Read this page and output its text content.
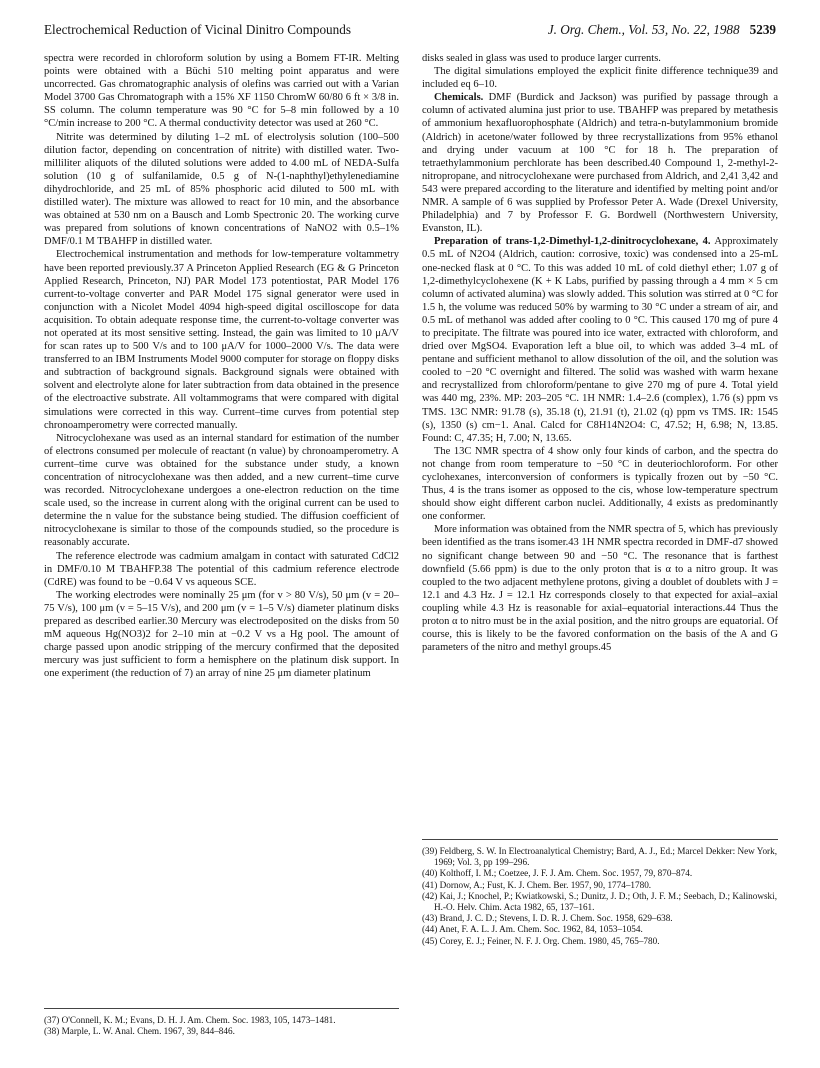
Electrochemical Reduction of Vicinal Dinitro Compounds	J. Org. Chem., Vol. 53, No. 22, 1988 5239

spectra were recorded in chloroform solution by using a Bomem FT-IR. Melting points were obtained with a Büchi 510 melting point apparatus and were uncorrected. Gas chromatographic analysis of olefins was carried out with a Varian Model 3700 Gas Chromatograph with a 15% XF 1150 ChromW 60/80 6 ft × 3/8 in. SS column. The column temperature was 90 °C for 5–8 min followed by a 10 °C/min increase to 200 °C. A thermal conductivity detector was used at 260 °C.

Nitrite was determined by diluting 1–2 mL of electrolysis solution (100–500 dilution factor, depending on concentration of nitrite) with distilled water. Two-milliliter aliquots of the diluted solutions were added to 4.00 mL of NEDA-Sulfa solution (10 g of sulfanilamide, 0.5 g of N-(1-naphthyl)ethylenediamine dihydrochloride, and 25 mL of 85% phosphoric acid diluted to 500 mL with distilled water). The mixture was allowed to react for 10 min, and the absorbance was obtained at 530 nm on a Bausch and Lomb Spectronic 20. The working curve was prepared from solutions of known concentrations of NaNO2 with 0.5–1% DMF/0.1 M TBAHFP in distilled water.

Electrochemical instrumentation and methods for low-temperature voltammetry have been reported previously.37 A Princeton Applied Research (EG & G Princeton Applied Research, Princeton, NJ) PAR Model 173 potentiostat, PAR Model 176 current-to-voltage converter and PAR Model 175 signal generator were used in conjunction with a Nicolet Model 4094 high-speed digital oscilloscope for data acquisition. To obtain adequate response time, the current-to-voltage converter was not operated at its most sensitive setting. Instead, the gain was limited to 10 μA/V for scan rates up to 500 V/s and to 100 μA/V for 1000–2000 V/s. The data were transferred to an IBM Instruments Model 9000 computer for storage on floppy disks and subtraction of background signals. Background signals were obtained with solvent and electrolyte alone for later subtraction from data obtained in the presence of the electroactive substrate. All voltammograms that were compared with digital simulations were corrected in this way. Current–time curves from potential step chronoamperometry were corrected manually.

Nitrocyclohexane was used as an internal standard for estimation of the number of electrons consumed per molecule of reactant (n value) by chronoamperometry. A current–time curve was obtained for the substance under study, a known concentration of nitrocyclohexane was then added, and a new current–time curve was recorded. Nitrocyclohexane undergoes a one-electron reduction on the time scale used, so the increase in current along with the original current can be used to determine the n value for the substance being studied. The diffusion coefficient of nitrocyclohexane is similar to those of the compounds studied, so the procedure is reasonably accurate.

The reference electrode was cadmium amalgam in contact with saturated CdCl2 in DMF/0.10 M TBAHFP.38 The potential of this cadmium reference electrode (CdRE) was found to be −0.64 V vs aqueous SCE.

The working electrodes were nominally 25 μm (for v > 80 V/s), 50 μm (v = 20–75 V/s), 100 μm (v = 5–15 V/s), and 200 μm (v = 1–5 V/s) diameter platinum disks prepared as described earlier.30 Mercury was electrodeposited on the disks from 50 mM aqueous Hg(NO3)2 for 2–10 min at −0.2 V vs a Hg pool. The amount of charge passed upon anodic stripping of the mercury confirmed that the deposited mercury was just sufficient to form a hemisphere on the platinum disk support. In one experiment (the reduction of 7) an array of nine 25 μm diameter platinum

(37) O'Connell, K. M.; Evans, D. H. J. Am. Chem. Soc. 1983, 105, 1473–1481.
(38) Marple, L. W. Anal. Chem. 1967, 39, 844–846.

disks sealed in glass was used to produce larger currents.

The digital simulations employed the explicit finite difference technique39 and included eq 6–10.

Chemicals. DMF (Burdick and Jackson) was purified by passage through a column of activated alumina just prior to use. TBAHFP was prepared by metathesis of ammonium hexafluorophosphate (Aldrich) and tetra-n-butylammonium bromide (Aldrich) in acetone/water followed by three recrystallizations from 95% ethanol and drying under vacuum at 100 °C for 18 h. The preparation of tetraethylammonium perchlorate has been described.40 Compound 1, 2-methyl-2-nitropropane, and nitrocyclohexane were purchased from Aldrich, and 2,41 3,42 and 543 were prepared according to the literature and identified by melting point and/or NMR. A sample of 6 was supplied by Professor Peter A. Wade (Drexel University, Philadelphia) and 7 by Professor F. G. Bordwell (Northwestern University, Evanston, IL).

Preparation of trans-1,2-Dimethyl-1,2-dinitrocyclohexane, 4. Approximately 0.5 mL of N2O4 (Aldrich, caution: corrosive, toxic) was condensed into a 25-mL one-necked flask at 0 °C. To this was added 10 mL of cold diethyl ether; 1.07 g of 1,2-dimethylcyclohexene (K + K Labs, purified by passing through a 4 mm × 5 cm column of activated alumina) was slowly added. This solution was stirred at 0 °C for 1.5 h, the volume was reduced 50% by warming to 30 °C under a stream of air, and 0.5 mL of methanol was added after cooling to 0 °C. This caused 170 mg of pure 4 to precipitate. The filtrate was poured into ice water, extracted with chloroform, and dried over MgSO4. Evaporation left a blue oil, to which was added 3–4 mL of pentane and sufficient methanol to allow dissolution of the oil, and the solution was cooled to −20 °C overnight and filtered. The solid was washed with warm hexane and recrystallized from chloroform/pentane to give 270 mg of pure 4. Total yield was 440 mg, 23%. MP: 203–205 °C. 1H NMR: 1.4–2.6 (complex), 1.76 (s) ppm vs TMS. 13C NMR: 91.78 (s), 35.18 (t), 21.91 (t), 21.02 (q) ppm vs TMS. IR: 1545 (s), 1350 (s) cm−1. Anal. Calcd for C8H14N2O4: C, 47.52; H, 6.98; N, 13.85. Found: C, 47.35; H, 7.00; N, 13.65.

The 13C NMR spectra of 4 show only four kinds of carbon, and the spectra do not change from room temperature to −50 °C in deuteriochloroform. For other cyclohexanes, interconversion of conformers is typically frozen out by −50 °C. Thus, 4 is the trans isomer as opposed to the cis, whose low-temperature spectrum should show eight different carbon nuclei. Additionally, 4 exists as predominantly one conformer.

More information was obtained from the NMR spectra of 5, which has previously been identified as the trans isomer.43 1H NMR spectra recorded in DMF-d7 showed no significant change between 90 and −50 °C. The resonance that is farthest downfield (5.66 ppm) is due to the only proton that is α to a nitro group. It was coupled to the two adjacent methylene protons, giving a doublet of doublets with J = 12.1 and 4.3 Hz. J = 12.1 Hz corresponds closely to that expected for axial–axial coupling while 4.3 Hz is reasonable for axial–equatorial interactions.44 Thus the proton α to nitro must be in the axial position, and the nitro groups are equatorial. Of course, this is likely to be the favored conformation on the basis of the A and G parameters of the nitro and methyl groups.45

(39) Feldberg, S. W. In Electroanalytical Chemistry; Bard, A. J., Ed.; Marcel Dekker: New York, 1969; Vol. 3, pp 199–296.
(40) Kolthoff, I. M.; Coetzee, J. F. J. Am. Chem. Soc. 1957, 79, 870–874.
(41) Dornow, A.; Fust, K. J. Chem. Ber. 1957, 90, 1774–1780.
(42) Kai, J.; Knochel, P.; Kwiatkowski, S.; Dunitz, J. D.; Oth, J. F. M.; Seebach, D.; Kalinowski, H.-O. Helv. Chim. Acta 1982, 65, 137–161.
(43) Brand, J. C. D.; Stevens, I. D. R. J. Chem. Soc. 1958, 629–638.
(44) Anet, F. A. L. J. Am. Chem. Soc. 1962, 84, 1053–1054.
(45) Corey, E. J.; Feiner, N. F. J. Org. Chem. 1980, 45, 765–780.
